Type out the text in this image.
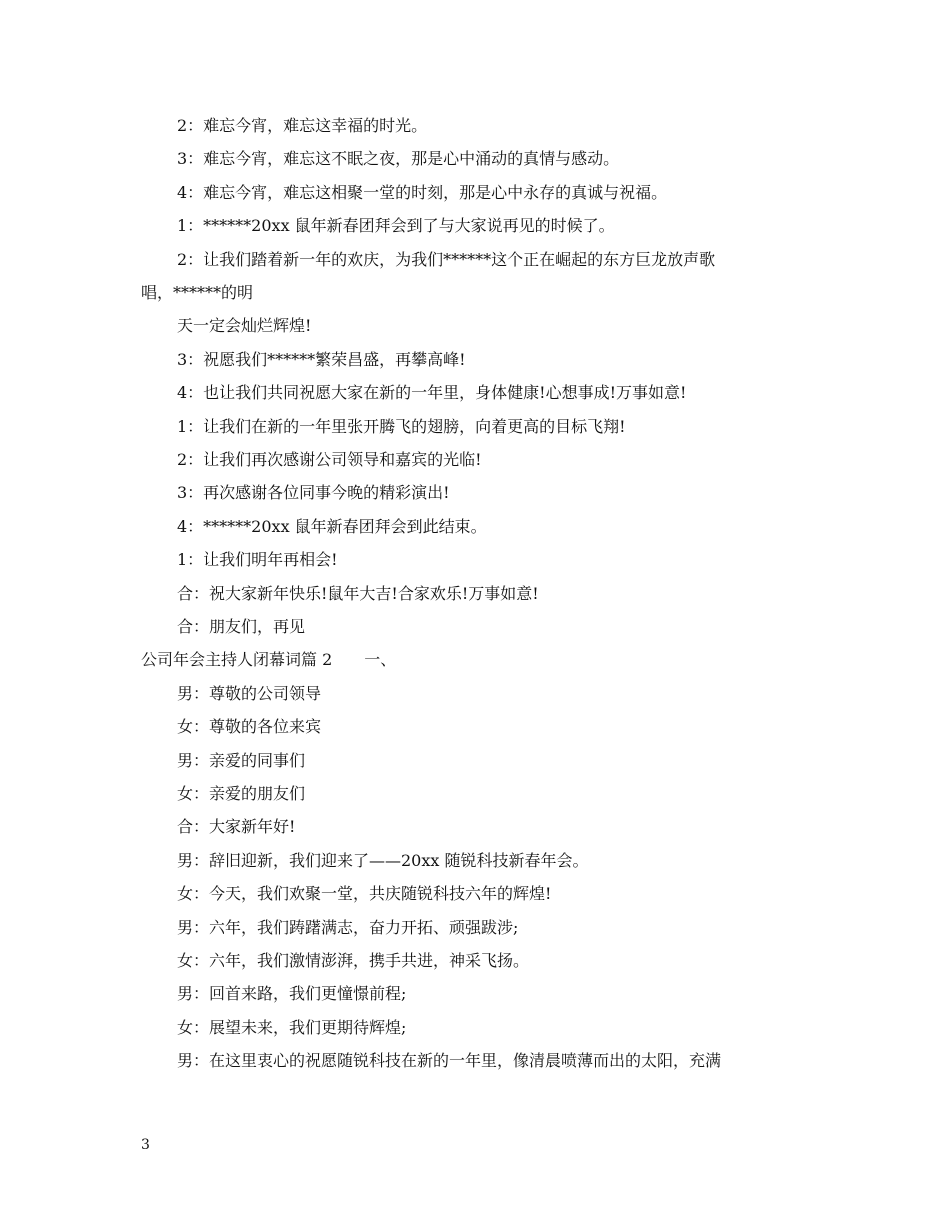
2：难忘今宵，难忘这幸福的时光。
3：难忘今宵，难忘这不眠之夜，那是心中涌动的真情与感动。
4：难忘今宵，难忘这相聚一堂的时刻，那是心中永存的真诚与祝福。
1：******20xx 鼠年新春团拜会到了与大家说再见的时候了。
2：让我们踏着新一年的欢庆，为我们******这个正在崛起的东方巨龙放声歌
唱，******的明
天一定会灿烂辉煌!
3：祝愿我们******繁荣昌盛，再攀高峰!
4：也让我们共同祝愿大家在新的一年里，身体健康!心想事成!万事如意!
1：让我们在新的一年里张开腾飞的翅膀，向着更高的目标飞翔!
2：让我们再次感谢公司领导和嘉宾的光临!
3：再次感谢各位同事今晚的精彩演出!
4：******20xx 鼠年新春团拜会到此结束。
1：让我们明年再相会!
合：祝大家新年快乐!鼠年大吉!合家欢乐!万事如意!
合：朋友们，再见
公司年会主持人闭幕词篇 2　　一、
男：尊敬的公司领导
女：尊敬的各位来宾
男：亲爱的同事们
女：亲爱的朋友们
合：大家新年好!
男：辞旧迎新，我们迎来了——20xx 随锐科技新春年会。
女：今天，我们欢聚一堂，共庆随锐科技六年的辉煌!
男：六年，我们踌躇满志，奋力开拓、顽强跋涉;
女：六年，我们激情澎湃，携手共进，神采飞扬。
男：回首来路，我们更憧憬前程;
女：展望未来，我们更期待辉煌;
男：在这里衷心的祝愿随锐科技在新的一年里，像清晨喷薄而出的太阳，充满
3
